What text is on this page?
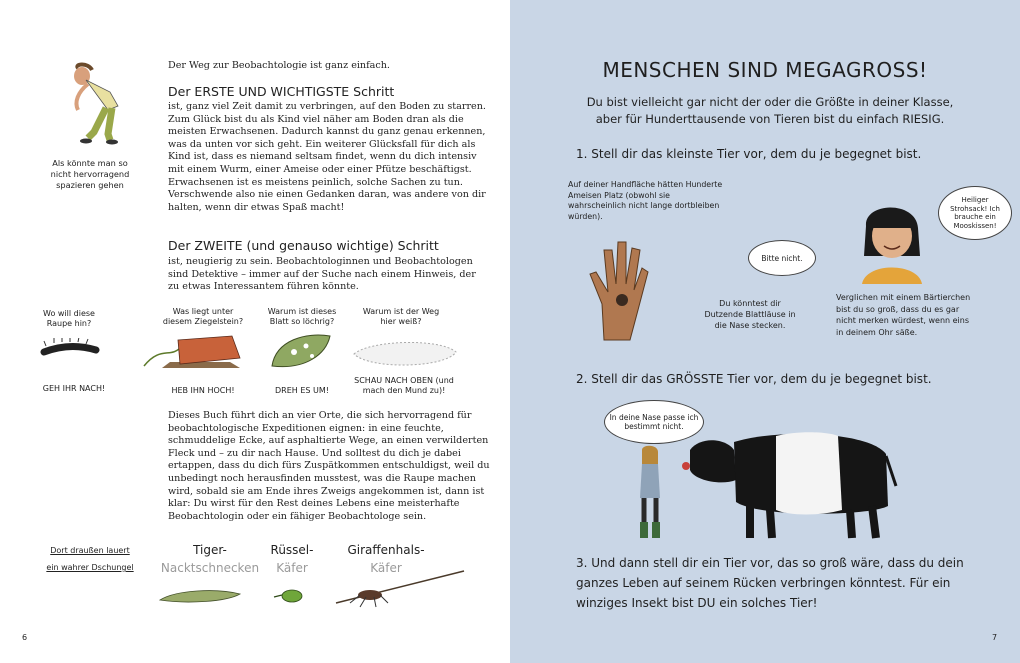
Als könnte man so nicht hervorragend spazieren gehen
Der Weg zur Beobachtologie ist ganz einfach.
Der ERSTE UND WICHTIGSTE Schritt
ist, ganz viel Zeit damit zu verbringen, auf den Boden zu starren. Zum Glück bist du als Kind viel näher am Boden dran als die meisten Erwachsenen. Dadurch kannst du ganz genau erkennen, was da unten vor sich geht. Ein weiterer Glücksfall für dich als Kind ist, dass es niemand seltsam findet, wenn du dich intensiv mit einem Wurm, einer Ameise oder einer Pfütze beschäftigst. Erwachsenen ist es meistens peinlich, solche Sachen zu tun. Verschwende also nie einen Gedanken daran, was andere von dir halten, wenn dir etwas Spaß macht!
Der ZWEITE (und genauso wichtige) Schritt
ist, neugierig zu sein. Beobachtologinnen und Beobachtologen sind Detektive – immer auf der Suche nach einem Hinweis, der zu etwas Interessantem führen könnte.
Wo will diese Raupe hin?
GEH IHR NACH!
Was liegt unter diesem Ziegelstein?
HEB IHN HOCH!
Warum ist dieses Blatt so löchrig?
DREH ES UM!
Warum ist der Weg hier weiß?
SCHAU NACH OBEN (und mach den Mund zu)!
Dieses Buch führt dich an vier Orte, die sich hervorragend für beobachtologische Expeditionen eignen: in eine feuchte, schmuddelige Ecke, auf asphaltierte Wege, an einen verwilderten Fleck und – zu dir nach Hause. Und solltest du dich je dabei ertappen, dass du dich fürs Zuspätkommen entschuldigst, weil du unbedingt noch herausfinden musstest, was die Raupe machen wird, sobald sie am Ende ihres Zweigs angekommen ist, dann ist klar: Du wirst für den Rest deines Lebens eine meisterhafte Beobachtologin oder ein fähiger Beobachtologe sein.
Dort draußen lauert
ein wahrer Dschungel
Tiger-
Nacktschnecken
Rüssel-
Käfer
Giraffenhals-
Käfer
6
MENSCHEN SIND MEGAGROSS!
Du bist vielleicht gar nicht der oder die Größte in deiner Klasse, aber für Hunderttausende von Tieren bist du einfach RIESIG.
1. Stell dir das kleinste Tier vor, dem du je begegnet bist.
Auf deiner Handfläche hätten Hunderte Ameisen Platz (obwohl sie wahrscheinlich nicht lange dortbleiben würden).
Bitte nicht.
Du könntest dir Dutzende Blattläuse in die Nase stecken.
Heiliger Strohsack! Ich brauche ein Mooskissen!
Verglichen mit einem Bärtierchen bist du so groß, dass du es gar nicht merken würdest, wenn eins in deinem Ohr säße.
2. Stell dir das GRÖSSTE Tier vor, dem du je begegnet bist.
In deine Nase passe ich bestimmt nicht.
3. Und dann stell dir ein Tier vor, das so groß wäre, dass du dein ganzes Leben auf seinem Rücken verbringen könntest. Für ein winziges Insekt bist DU ein solches Tier!
7
